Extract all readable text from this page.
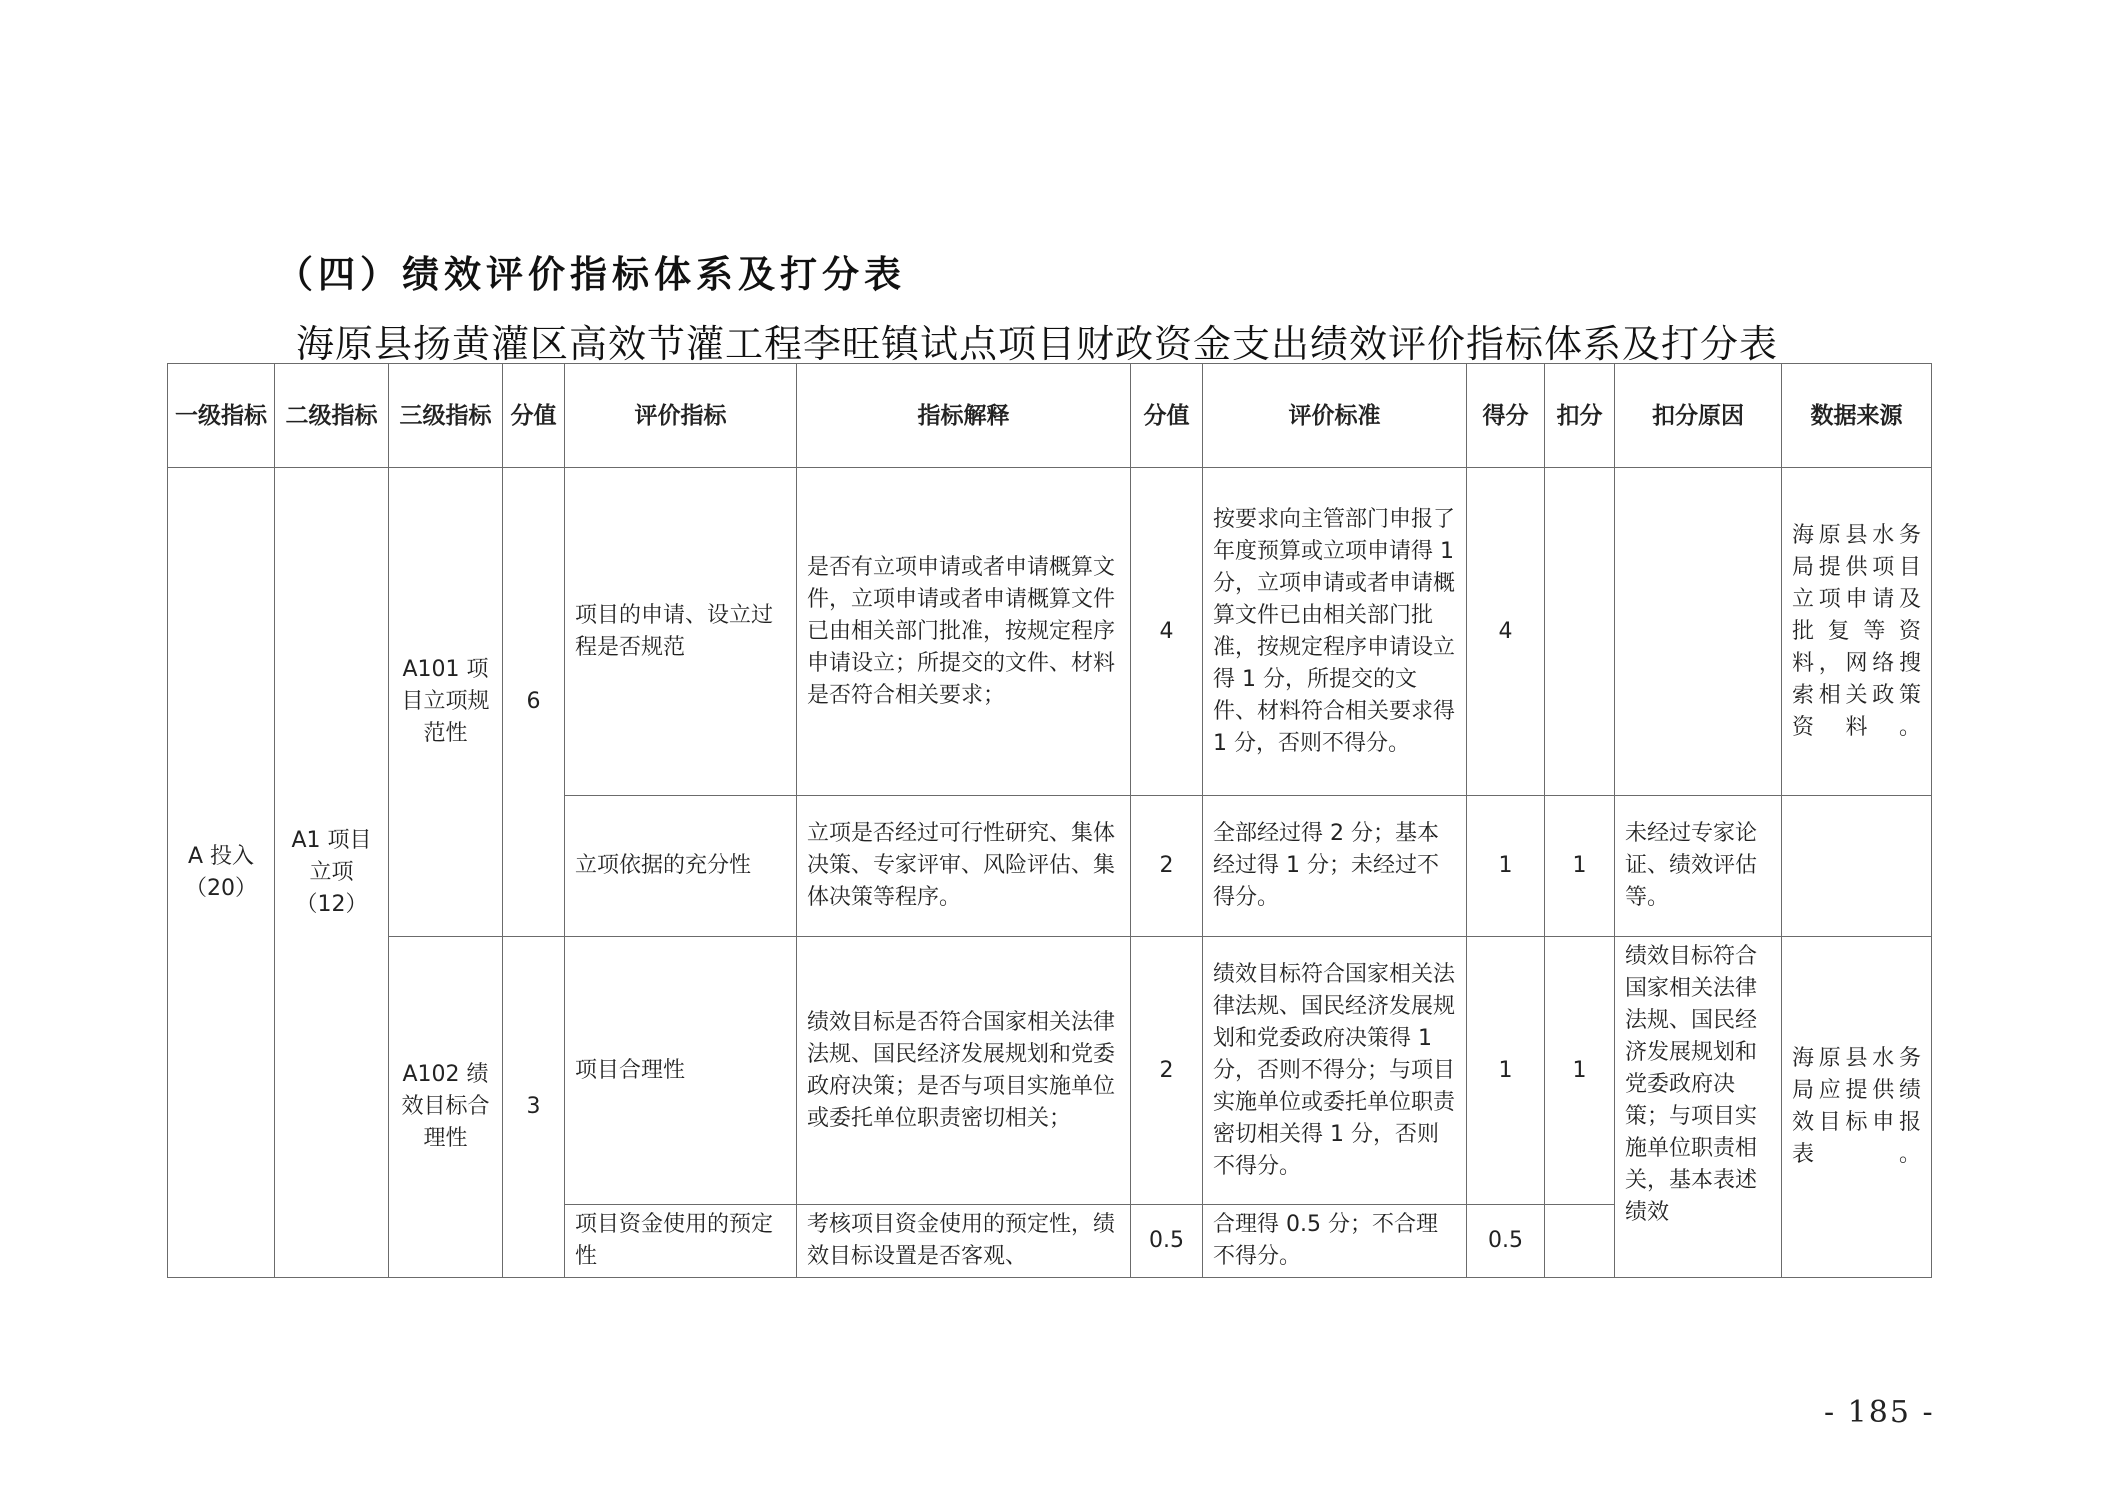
（四）绩效评价指标体系及打分表
海原县扬黄灌区高效节灌工程李旺镇试点项目财政资金支出绩效评价指标体系及打分表
一级指标	二级指标	三级指标	分值	评价指标	指标解释	分值	评价标准	得分	扣分	扣分原因	数据来源
A 投入（20）	A1 项目立项（12）	A101 项目立项规范性	6	项目的申请、设立过程是否规范	是否有立项申请或者申请概算文件，立项申请或者申请概算文件已由相关部门批准，按规定程序申请设立；所提交的文件、材料是否符合相关要求；	4	按要求向主管部门申报了年度预算或立项申请得 1 分，立项申请或者申请概算文件已由相关部门批准，按规定程序申请设立得 1 分，所提交的文件、材料符合相关要求得 1 分，否则不得分。	4			海原县水务局提供项目立项申请及批复等资料，网络搜索相关政策资料。
				立项依据的充分性	立项是否经过可行性研究、集体决策、专家评审、风险评估、集体决策等程序。	2	全部经过得 2 分；基本经过得 1 分；未经过不得分。	1	1	未经过专家论证、绩效评估等。	
		A102 绩效目标合理性	3	项目合理性	绩效目标是否符合国家相关法律法规、国民经济发展规划和党委政府决策；是否与项目实施单位或委托单位职责密切相关；	2	绩效目标符合国家相关法律法规、国民经济发展规划和党委政府决策得 1 分，否则不得分；与项目实施单位或委托单位职责密切相关得 1 分，否则不得分。	1	1	绩效目标符合国家相关法律法规、国民经济发展规划和党委政府决策；与项目实施单位职责相关，基本表述绩效	海原县水务局应提供绩效目标申报表。
				项目资金使用的预定性	考核项目资金使用的预定性，绩效目标设置是否客观、	0.5	合理得 0.5 分；不合理不得分。	0.5			
- 185 -
